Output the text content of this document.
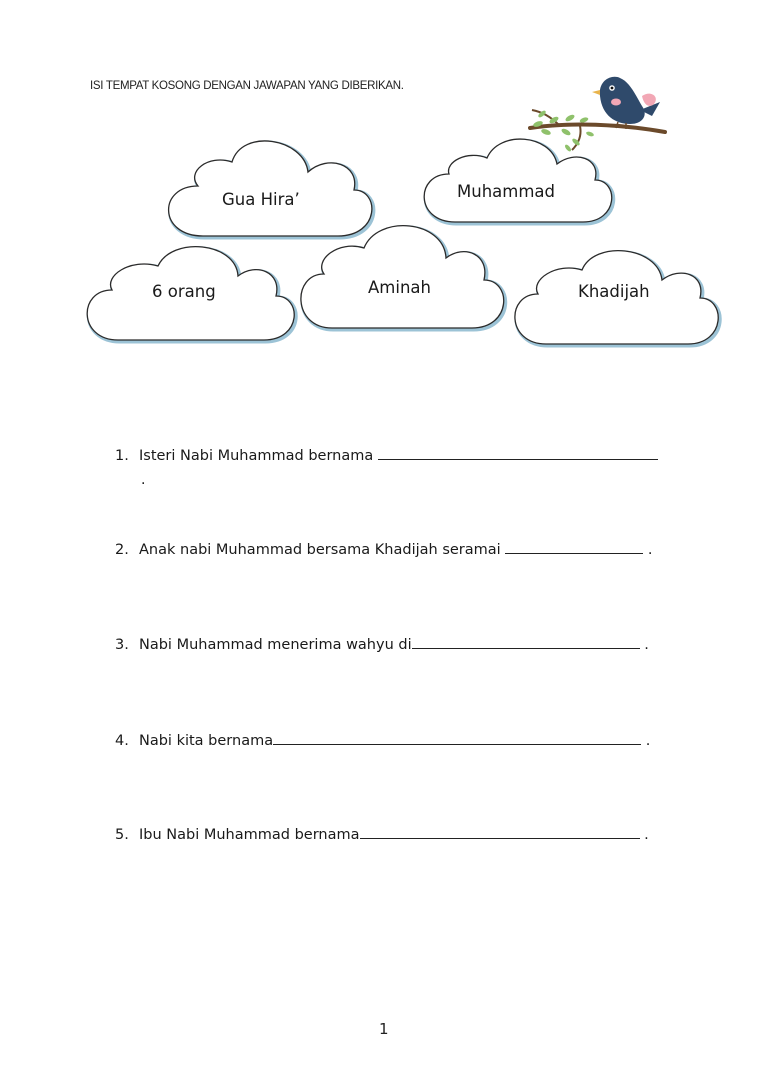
ISI TEMPAT KOSONG DENGAN JAWAPAN YANG DIBERIKAN.
Gua Hira’	Muhammad
6 orang	Aminah	Khadijah
1. Isteri Nabi Muhammad bernama
.
2. Anak nabi Muhammad bersama Khadijah seramai	.
3. Nabi Muhammad menerima wahyu di	.
4. Nabi kita bernama	.
5. Ibu Nabi Muhammad bernama	.
1
